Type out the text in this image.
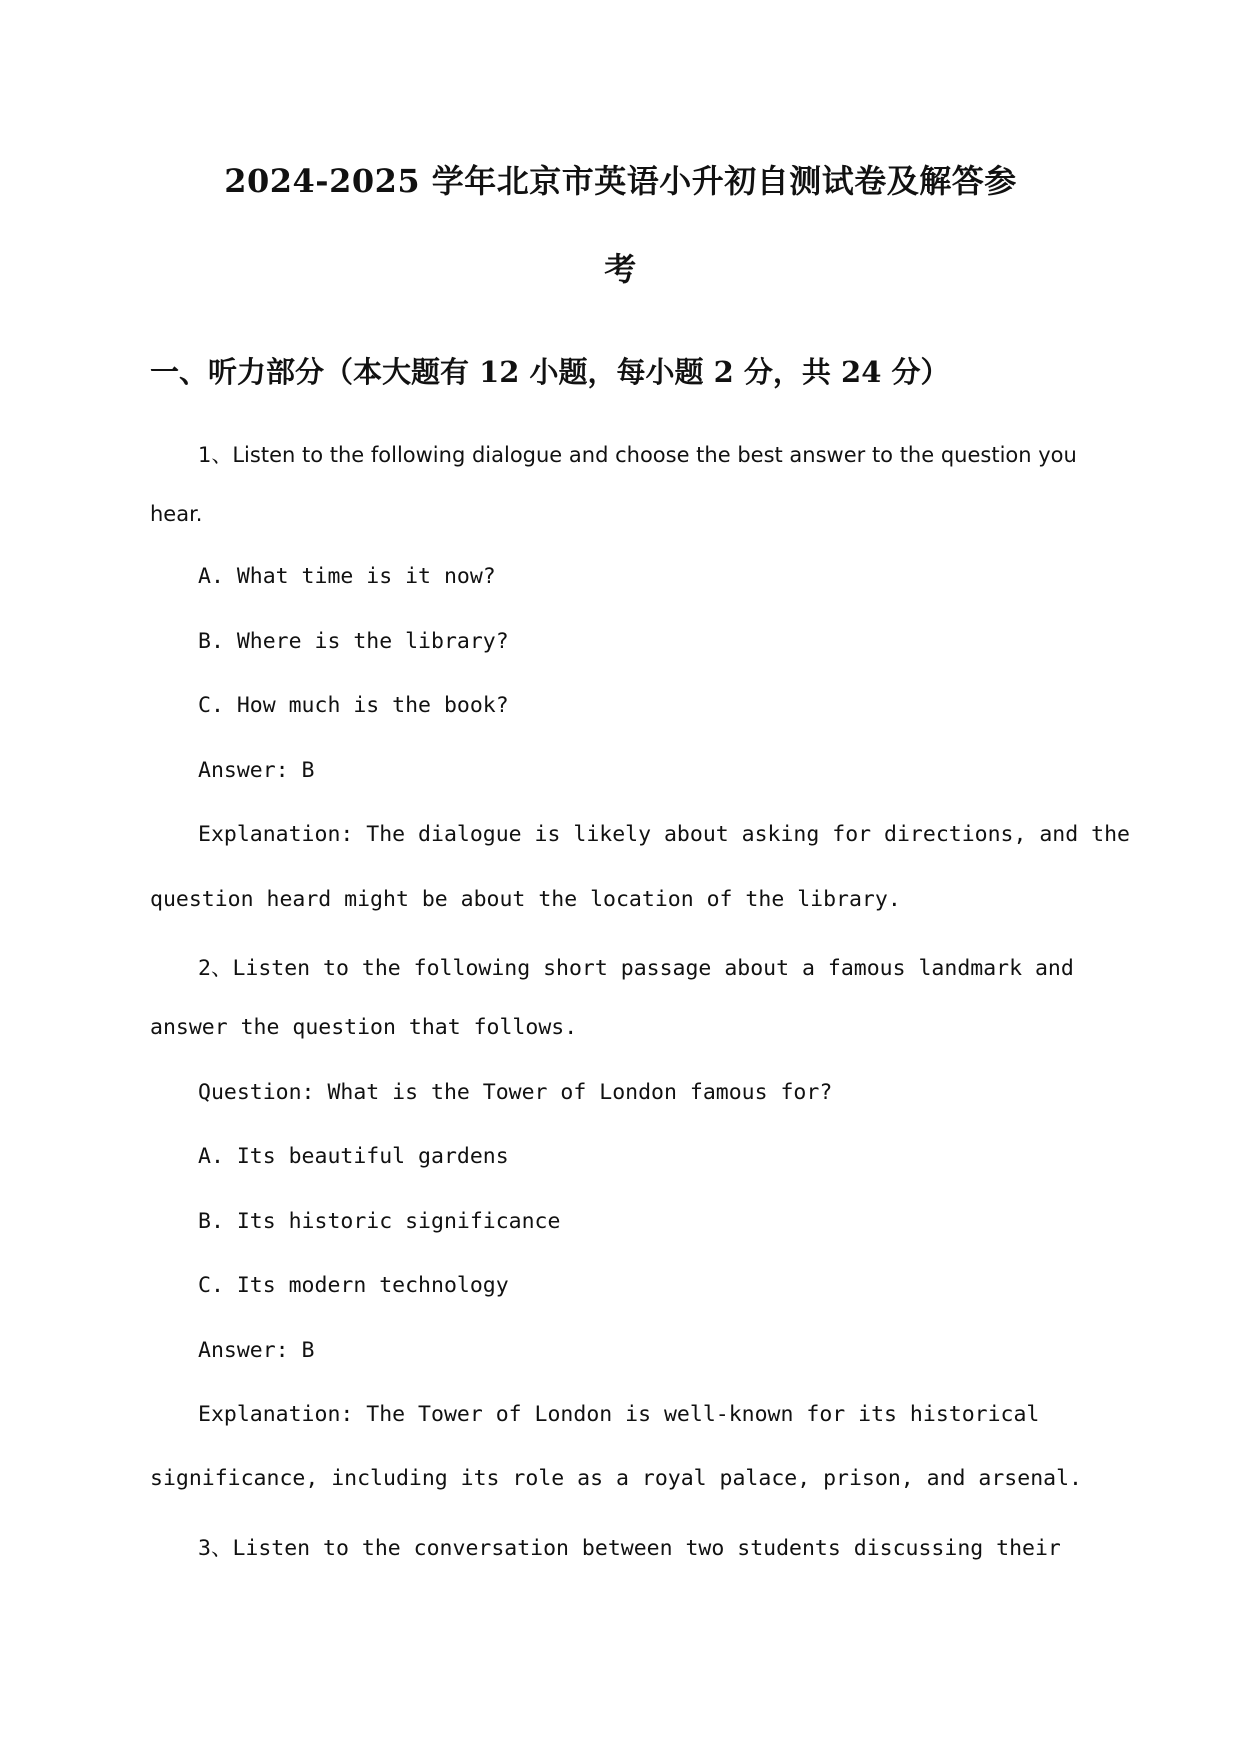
2024-2025 学年北京市英语小升初自测试卷及解答参
考
一、听力部分（本大题有 12 小题，每小题 2 分，共 24 分）

1、Listen to the following dialogue and choose the best answer to the question you

hear.

A. What time is it now?

B. Where is the library?

C. How much is the book?

Answer: B

Explanation: The dialogue is likely about asking for directions, and the

question heard might be about the location of the library.

2、Listen to the following short passage about a famous landmark and

answer the question that follows.

Question: What is the Tower of London famous for?

A. Its beautiful gardens

B. Its historic significance

C. Its modern technology

Answer: B

Explanation: The Tower of London is well-known for its historical

significance, including its role as a royal palace, prison, and arsenal.

3、Listen to the conversation between two students discussing their
